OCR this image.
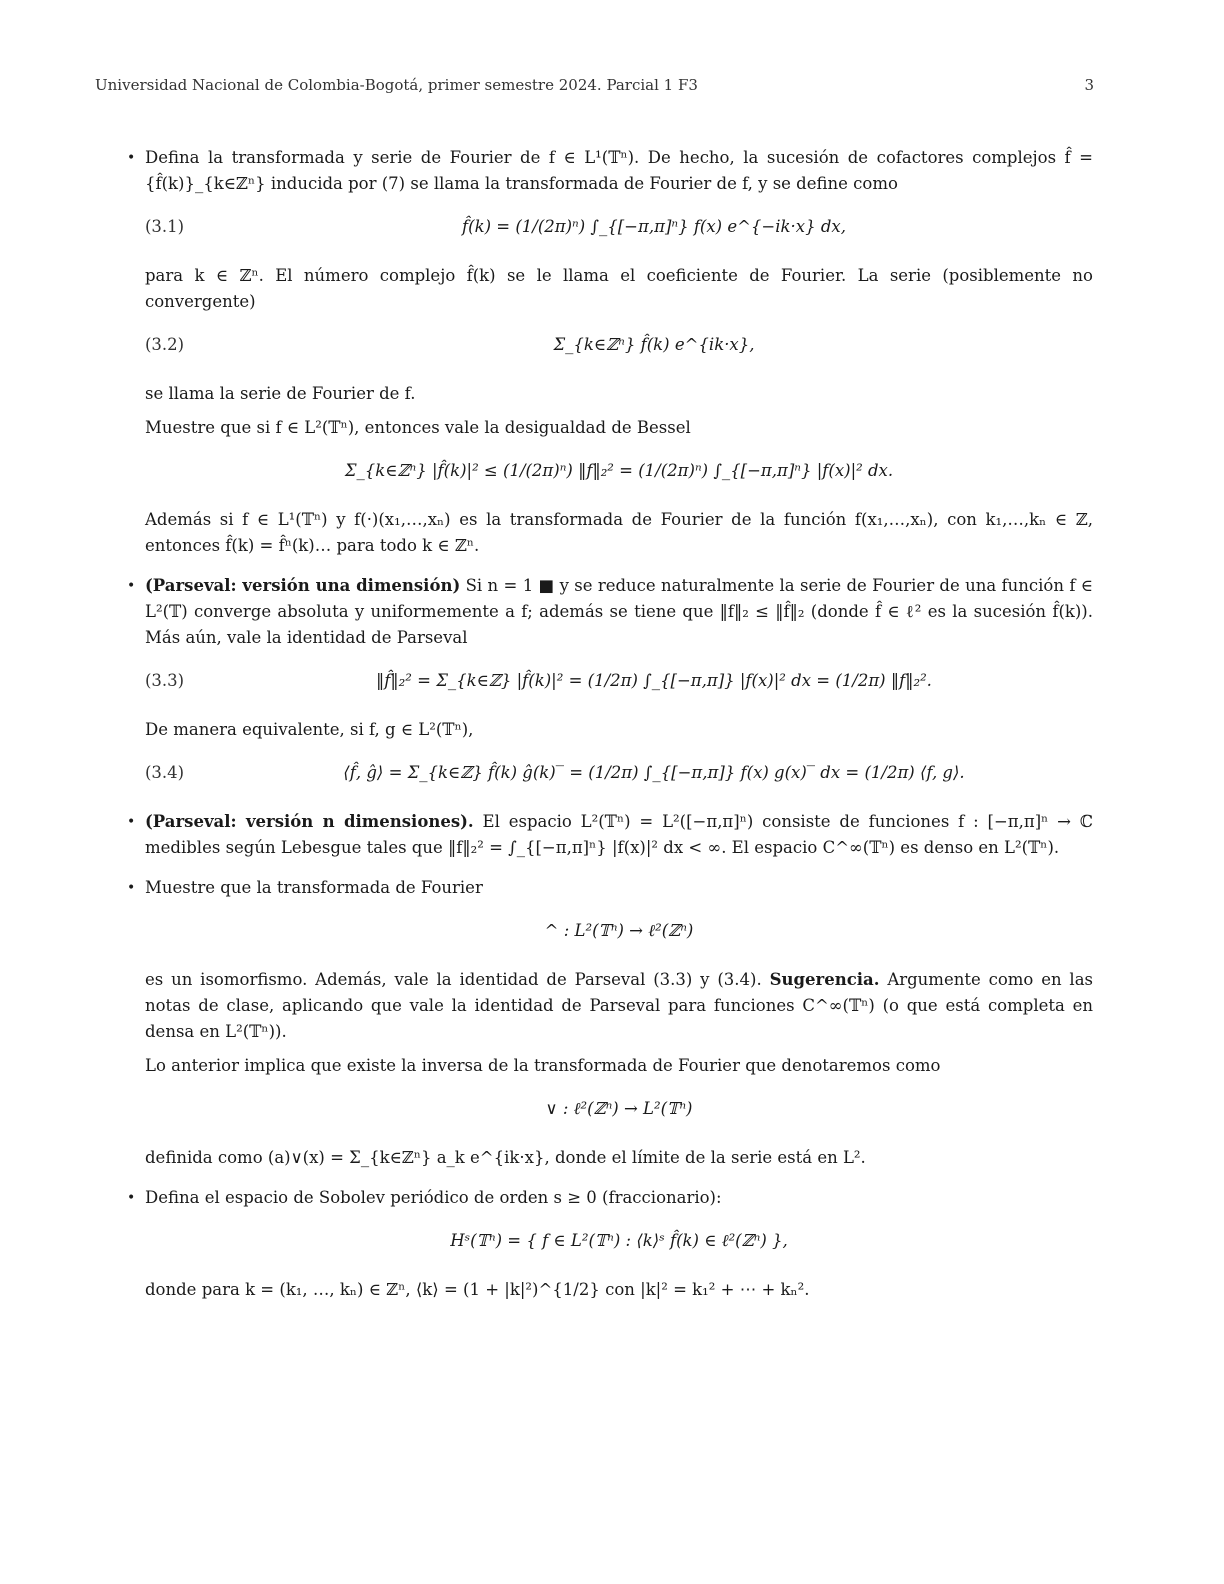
Universidad Nacional de Colombia-Bogotá, primer semestre 2024. Parcial 1 F3	3
• Defina la transformada y serie de Fourier de f ∈ L¹(𝕋ⁿ). De hecho, la sucesión de cofactores complejos f̂ = {f̂(k)}_{k∈ℤⁿ} inducida por (7) se llama la transformada de Fourier de f, y se define como

(3.1)	f̂(k) = (1/(2π)ⁿ) ∫_{[−π,π]ⁿ} f(x) e^{−ik·x} dx,

para k ∈ ℤⁿ. El número complejo f̂(k) se le llama el coeficiente de Fourier. La serie (posiblemente no convergente)

(3.2)	Σ_{k∈ℤⁿ} f̂(k) e^{ik·x},

se llama la serie de Fourier de f.

Muestre que si f ∈ L²(𝕋ⁿ), entonces vale la desigualdad de Bessel

Σ_{k∈ℤⁿ} |f̂(k)|² ≤ (1/(2π)ⁿ) ‖f‖₂² = (1/(2π)ⁿ) ∫_{[−π,π]ⁿ} |f(x)|² dx.

Además si f ∈ L¹(𝕋ⁿ) y f(·)(x₁,…,xₙ) es la transformada de Fourier de la función f(x₁,…,xₙ), con k₁,…,kₙ ∈ ℤ, entonces f̂(k) = f̂ⁿ(k)… para todo k ∈ ℤⁿ.

• (Parseval: versión una dimensión) Si n = 1 ■ y se reduce naturalmente la serie de Fourier de una función f ∈ L²(𝕋) converge absoluta y uniformemente a f; además se tiene que ‖f‖₂ ≤ ‖f̂‖₂ (donde f̂ ∈ ℓ² es la sucesión f̂(k)). Más aún, vale la identidad de Parseval

(3.3)	‖f̂‖₂² = Σ_{k∈ℤ} |f̂(k)|² = (1/2π) ∫_{[−π,π]} |f(x)|² dx = (1/2π) ‖f‖₂².

De manera equivalente, si f, g ∈ L²(𝕋ⁿ),

(3.4)	⟨f̂, ĝ⟩ = Σ_{k∈ℤ} f̂(k) ĝ(k)‾ = (1/2π) ∫_{[−π,π]} f(x) g(x)‾ dx = (1/2π) ⟨f, g⟩.
• (Parseval: versión n dimensiones). El espacio L²(𝕋ⁿ) = L²([−π,π]ⁿ) consiste de funciones f : [−π,π]ⁿ → ℂ medibles según Lebesgue tales que ‖f‖₂² = ∫_{[−π,π]ⁿ} |f(x)|² dx < ∞. El espacio C^∞(𝕋ⁿ) es denso en L²(𝕋ⁿ).

• Muestre que la transformada de Fourier

^ : L²(𝕋ⁿ) → ℓ²(ℤⁿ)

es un isomorfismo. Además, vale la identidad de Parseval (3.3) y (3.4). Sugerencia. Argumente como en las notas de clase, aplicando que vale la identidad de Parseval para funciones C^∞(𝕋ⁿ) (o que está completa en densa en L²(𝕋ⁿ)).

Lo anterior implica que existe la inversa de la transformada de Fourier que denotaremos como

∨ : ℓ²(ℤⁿ) → L²(𝕋ⁿ)

definida como (a)∨(x) = Σ_{k∈ℤⁿ} a_k e^{ik·x}, donde el límite de la serie está en L².

• Defina el espacio de Sobolev periódico de orden s ≥ 0 (fraccionario):

Hˢ(𝕋ⁿ) = { f ∈ L²(𝕋ⁿ) : ⟨k⟩ˢ f̂(k) ∈ ℓ²(ℤⁿ) },

donde para k = (k₁, …, kₙ) ∈ ℤⁿ, ⟨k⟩ = (1 + |k|²)^{1/2} con |k|² = k₁² + ⋯ + kₙ².
